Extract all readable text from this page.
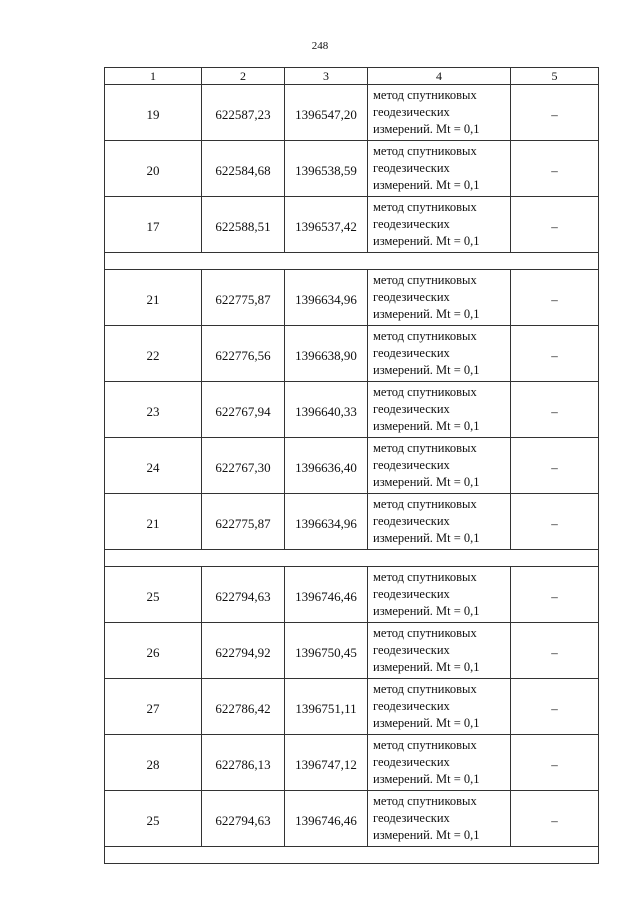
248
1	2	3	4	5
19	622587,23	1396547,20	метод спутниковых
геодезических
измерений. Mt = 0,1	–
20	622584,68	1396538,59	метод спутниковых
геодезических
измерений. Mt = 0,1	–
17	622588,51	1396537,42	метод спутниковых
геодезических
измерений. Mt = 0,1	–

21	622775,87	1396634,96	метод спутниковых
геодезических
измерений. Mt = 0,1	–
22	622776,56	1396638,90	метод спутниковых
геодезических
измерений. Mt = 0,1	–
23	622767,94	1396640,33	метод спутниковых
геодезических
измерений. Mt = 0,1	–
24	622767,30	1396636,40	метод спутниковых
геодезических
измерений. Mt = 0,1	–
21	622775,87	1396634,96	метод спутниковых
геодезических
измерений. Mt = 0,1	–

25	622794,63	1396746,46	метод спутниковых
геодезических
измерений. Mt = 0,1	–
26	622794,92	1396750,45	метод спутниковых
геодезических
измерений. Mt = 0,1	–
27	622786,42	1396751,11	метод спутниковых
геодезических
измерений. Mt = 0,1	–
28	622786,13	1396747,12	метод спутниковых
геодезических
измерений. Mt = 0,1	–
25	622794,63	1396746,46	метод спутниковых
геодезических
измерений. Mt = 0,1	–
